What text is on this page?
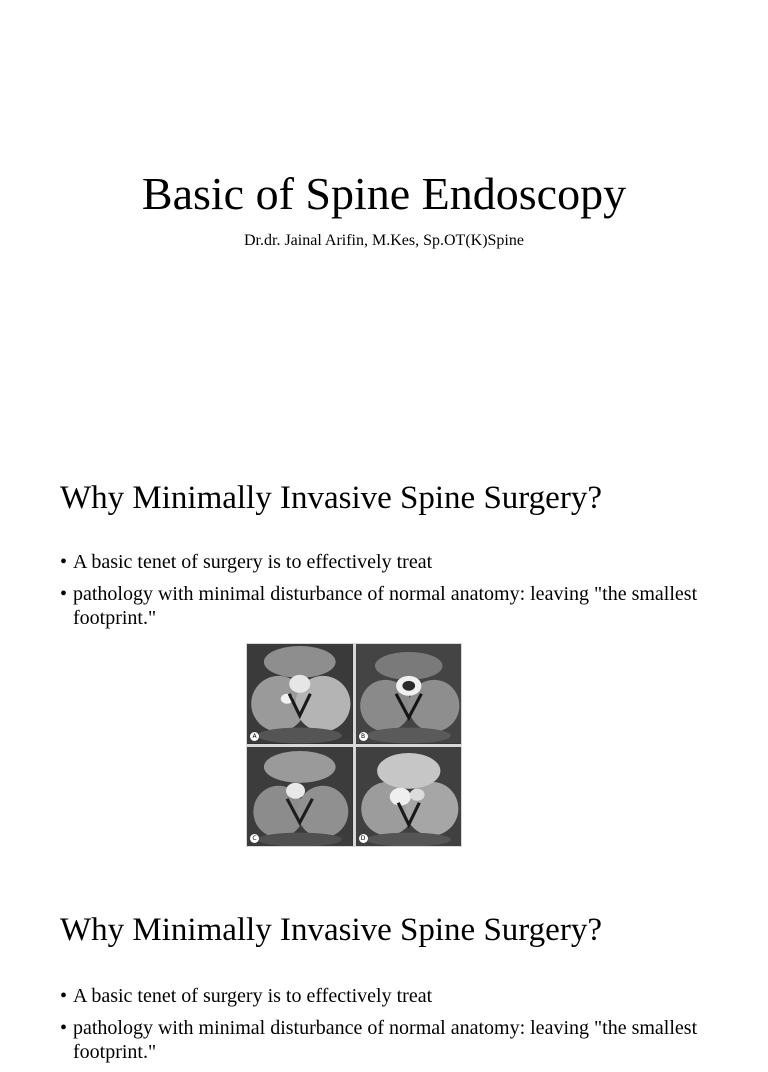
Basic of Spine Endoscopy
Dr.dr. Jainal Arifin, M.Kes, Sp.OT(K)Spine
Why Minimally Invasive Spine Surgery?
• A basic tenet of surgery is to effectively treat
• pathology with minimal disturbance of normal anatomy: leaving "the smallest footprint."
A	B
C	D
Why Minimally Invasive Spine Surgery?
• A basic tenet of surgery is to effectively treat
• pathology with minimal disturbance of normal anatomy: leaving "the smallest footprint."
